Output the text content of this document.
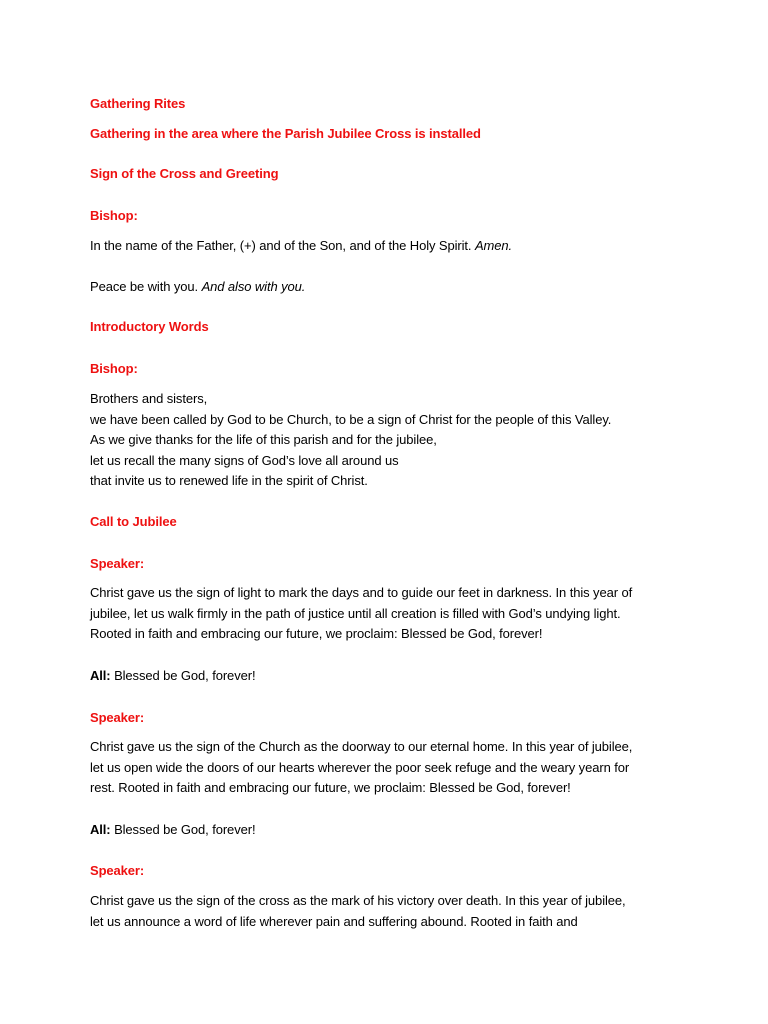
Gathering Rites
Gathering in the area where the Parish Jubilee Cross is installed
Sign of the Cross and Greeting
Bishop:
In the name of the Father, (+) and of the Son, and of the Holy Spirit. Amen.
Peace be with you. And also with you.
Introductory Words
Bishop:
Brothers and sisters,
we have been called by God to be Church, to be a sign of Christ for the people of this Valley.
As we give thanks for the life of this parish and for the jubilee,
let us recall the many signs of God’s love all around us
that invite us to renewed life in the spirit of Christ.
Call to Jubilee
Speaker:
Christ gave us the sign of light to mark the days and to guide our feet in darkness. In this year of
jubilee, let us walk firmly in the path of justice until all creation is filled with God’s undying light.
Rooted in faith and embracing our future, we proclaim: Blessed be God, forever!
All: Blessed be God, forever!
Speaker:
Christ gave us the sign of the Church as the doorway to our eternal home. In this year of jubilee,
let us open wide the doors of our hearts wherever the poor seek refuge and the weary yearn for
rest. Rooted in faith and embracing our future, we proclaim: Blessed be God, forever!
All: Blessed be God, forever!
Speaker:
Christ gave us the sign of the cross as the mark of his victory over death. In this year of jubilee,
let us announce a word of life wherever pain and suffering abound. Rooted in faith and
